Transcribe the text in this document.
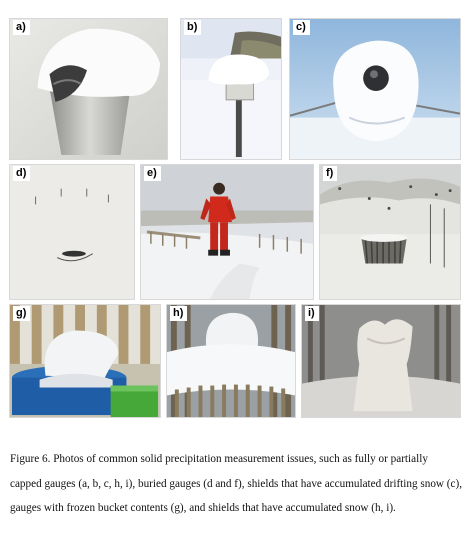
a)	b)	c)
d)	e)	f)
g)	h)	i)

Figure 6. Photos of common solid precipitation measurement issues, such as fully or partially capped gauges (a, b, c, h, i), buried gauges (d and f), shields that have accumulated drifting snow (c), gauges with frozen bucket contents (g), and shields that have accumulated snow (h, i).
